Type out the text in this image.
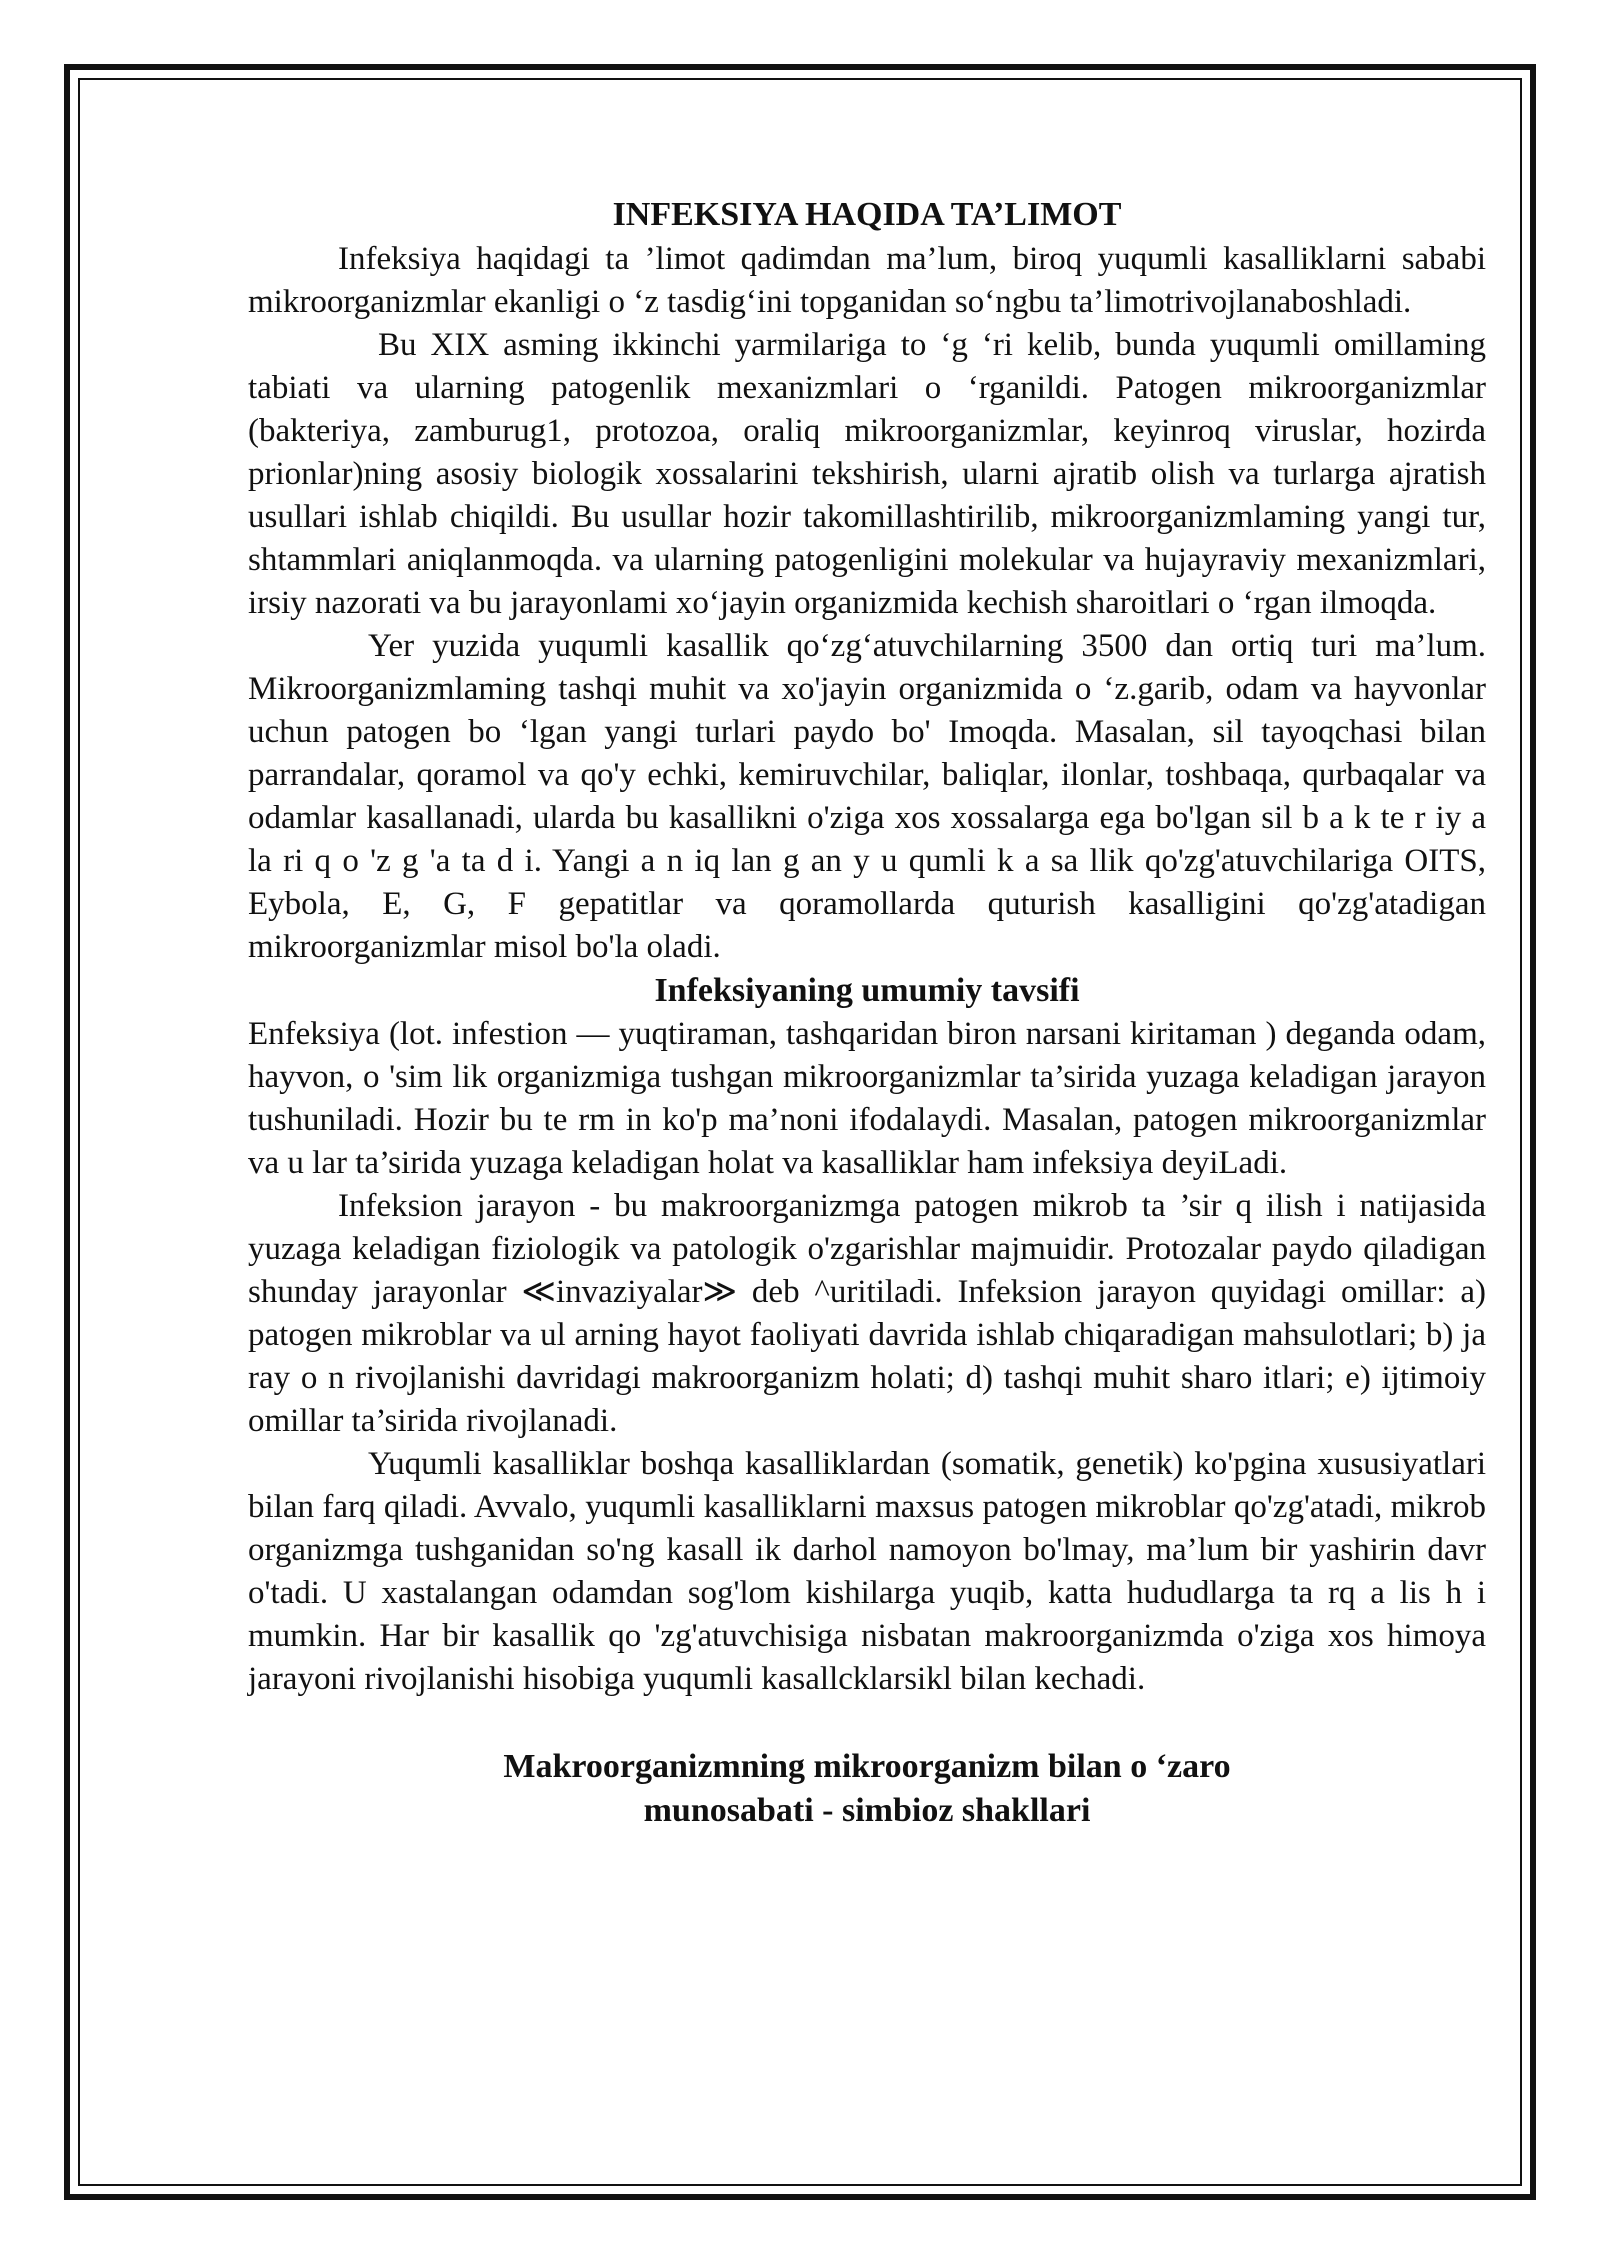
INFEKSIYA HAQIDA TA’LIMOT

Infeksiya haqidagi ta ’limot qadimdan ma’lum, biroq yuqumli kasalliklarni sababi mikroorganizmlar ekanligi o ‘z tasdig‘ini topganidan so‘ngbu ta’limotrivojlanaboshladi.

Bu XIX asming ikkinchi yarmilariga to ‘g ‘ri kelib, bunda yuqumli omillaming tabiati va ularning patogenlik mexanizmlari o ‘rganildi. Patogen mikroorganizmlar (bakteriya, zamburug1, protozoa, oraliq mikroorganizmlar, keyinroq viruslar, hozirda prionlar)ning asosiy biologik xossalarini tekshirish, ularni ajratib olish va turlarga ajratish usullari ishlab chiqildi. Bu usullar hozir takomillashtirilib, mikroorganizmlaming yangi tur, shtammlari aniqlanmoqda. va ularning patogenligini molekular va hujayraviy mexanizmlari, irsiy nazorati va bu jarayonlami xo‘jayin organizmida kechish sharoitlari o ‘rgan ilmoqda.

Yer yuzida yuqumli kasallik qo‘zg‘atuvchilarning 3500 dan ortiq turi ma’lum. Mikroorganizmlaming tashqi muhit va xo'jayin organizmida o ‘z.garib, odam va hayvonlar uchun patogen bo ‘lgan yangi turlari paydo bo' Imoqda. Masalan, sil tayoqchasi bilan parrandalar, qoramol va qo'y echki, kemiruvchilar, baliqlar, ilonlar, toshbaqa, qurbaqalar va odamlar kasallanadi, ularda bu kasallikni o'ziga xos xossalarga ega bo'lgan sil b a k te r iy a la ri q o 'z g 'a ta d i. Yangi a n iq lan g an y u qumli k a sa llik qo'zg'atuvchilariga OITS, Eybola, E, G, F gepatitlar va qoramollarda quturish kasalligini qo'zg'atadigan mikroorganizmlar misol bo'la oladi.

Infeksiyaning umumiy tavsifi

Enfeksiya (lot. infestion — yuqtiraman, tashqaridan biron narsani kiritaman ) deganda odam, hayvon, o 'sim lik organizmiga tushgan mikroorganizmlar ta’sirida yuzaga keladigan jarayon tushuniladi. Hozir bu te rm in ko'p ma’noni ifodalaydi. Masalan, patogen mikroorganizmlar va u lar ta’sirida yuzaga keladigan holat va kasalliklar ham infeksiya deyiLadi.

Infeksion jarayon - bu makroorganizmga patogen mikrob ta ’sir q ilish i natijasida yuzaga keladigan fiziologik va patologik o'zgarishlar majmuidir. Protozalar paydo qiladigan shunday jarayonlar ≪invaziyalar≫ deb ^uritiladi. Infeksion jarayon quyidagi omillar: a) patogen mikroblar va ul arning hayot faoliyati davrida ishlab chiqaradigan mahsulotlari; b) ja ray o n rivojlanishi davridagi makroorganizm holati; d) tashqi muhit sharo itlari; e) ijtimoiy omillar ta’sirida rivojlanadi.

Yuqumli kasalliklar boshqa kasalliklardan (somatik, genetik) ko'pgina xususiyatlari bilan farq qiladi. Avvalo, yuqumli kasalliklarni maxsus patogen mikroblar qo'zg'atadi, mikrob organizmga tushganidan so'ng kasall ik darhol namoyon bo'lmay, ma’lum bir yashirin davr o'tadi. U xastalangan odamdan sog'lom kishilarga yuqib, katta hududlarga ta rq a lis h i mumkin. Har bir kasallik qo 'zg'atuvchisiga nisbatan makroorganizmda o'ziga xos himoya jarayoni rivojlanishi hisobiga yuqumli kasallcklarsikl bilan kechadi.

Makroorganizmning mikroorganizm bilan o ‘zaro

munosabati - simbioz shakllari
